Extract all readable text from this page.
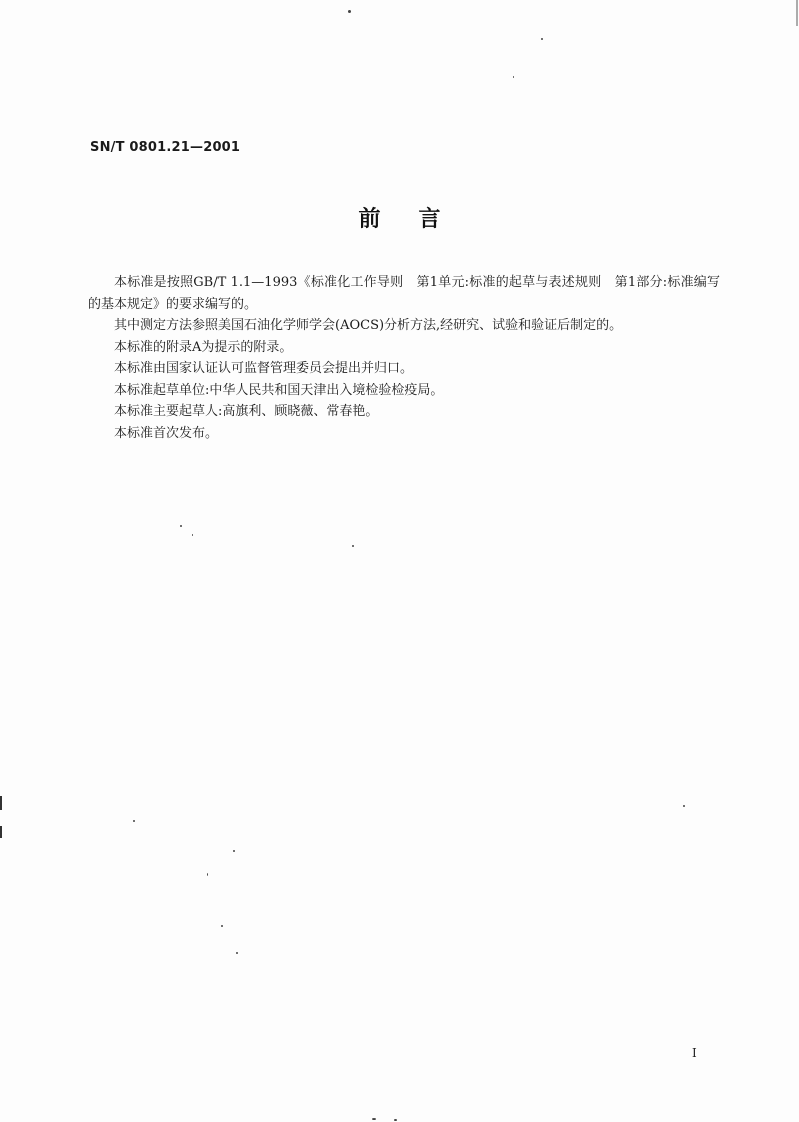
SN/T 0801.21—2001
前言

本标准是按照GB/T 1.1—1993《标准化工作导则　第1单元:标准的起草与表述规则　第1部分:标准编写的基本规定》的要求编写的。

其中测定方法参照美国石油化学师学会(AOCS)分析方法,经研究、试验和验证后制定的。

本标准的附录A为提示的附录。

本标准由国家认证认可监督管理委员会提出并归口。

本标准起草单位:中华人民共和国天津出入境检验检疫局。

本标准主要起草人:高旗利、顾晓薇、常春艳。

本标准首次发布。

I
